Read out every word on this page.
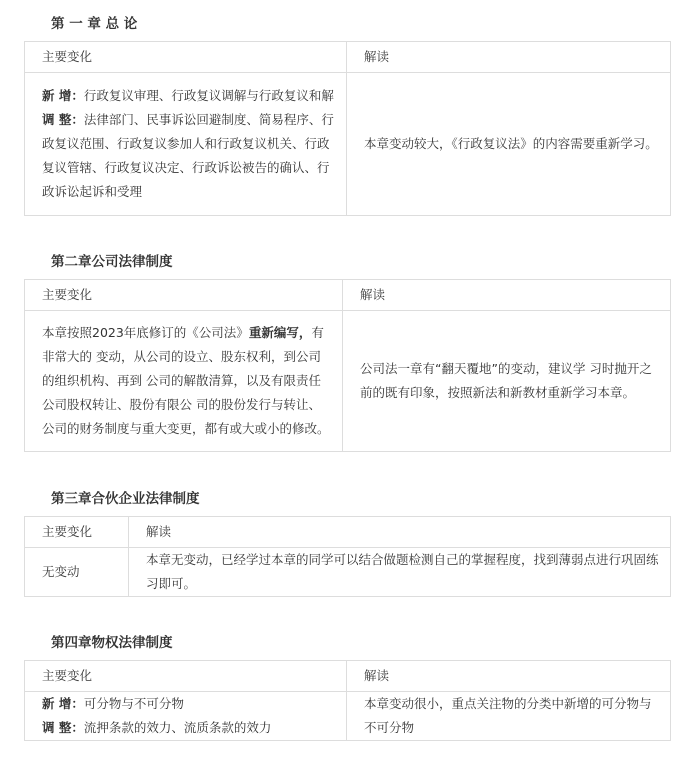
第 一 章 总 论
主要变化	解读

新 增：行政复议审理、行政复议调解与行政复议和解
调 整：法律部门、民事诉讼回避制度、简易程序、行政复议范围、行政复议参加人和行政复议机关、行政复议管辖、行政复议决定、行政诉讼被告的确认、行政诉讼起诉和受理	本章变动较大，《行政复议法》的内容需要重新学习。
第二章公司法律制度
主要变化	解读
本章按照2023年底修订的《公司法》重新编写，有非常大的 变动，从公司的设立、股东权利，到公司的组织机构、再到 公司的解散清算，以及有限责任公司股权转让、股份有限公 司的股份发行与转让、公司的财务制度与重大变更，都有或大或小的修改。	公司法一章有“翻天覆地”的变动，建议学 习时抛开之前的既有印象，按照新法和新教材重新学习本章。
第三章合伙企业法律制度
主要变化	解读
无变动	本章无变动，已经学过本章的同学可以结合做题检测自己的掌握程度，找到薄弱点进行巩固练习即可。
第四章物权法律制度
主要变化	解读

新 增：可分物与不可分物
调 整：流押条款的效力、流质条款的效力	本章变动很小，重点关注物的分类中新增的可分物与不可分物
